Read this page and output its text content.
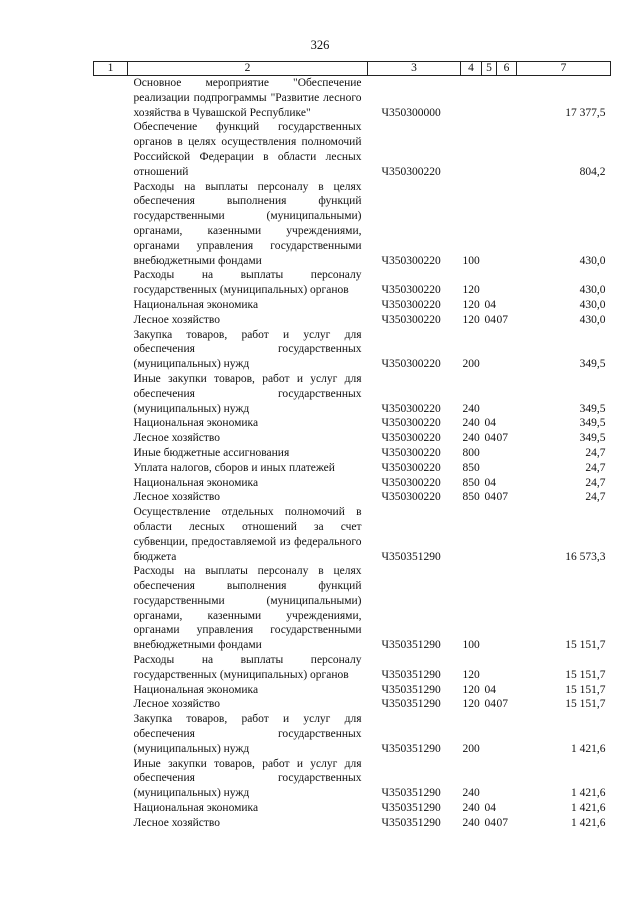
326
1	2	3	4	5	6	7
	Основное мероприятие "Обеспечение реализации подпрограммы "Развитие лесного хозяйства в Чувашской Республике"	Ч350300000				17 377,5
	Обеспечение функций государственных органов в целях осуществления полномочий Российской Федерации в области лесных отношений	Ч350300220				804,2
	Расходы на выплаты персоналу в целях обеспечения выполнения функций государственными (муниципальными) органами, казенными учреждениями, органами управления государственными внебюджетными фондами	Ч350300220	100			430,0
	Расходы на выплаты персоналу государственных (муниципальных) органов	Ч350300220	120			430,0
	Национальная экономика	Ч350300220	120	04		430,0
	Лесное хозяйство	Ч350300220	120	04	07	430,0
	Закупка товаров, работ и услуг для обеспечения государственных (муниципальных) нужд	Ч350300220	200			349,5
	Иные закупки товаров, работ и услуг для обеспечения государственных (муниципальных) нужд	Ч350300220	240			349,5
	Национальная экономика	Ч350300220	240	04		349,5
	Лесное хозяйство	Ч350300220	240	04	07	349,5
	Иные бюджетные ассигнования	Ч350300220	800			24,7
	Уплата налогов, сборов и иных платежей	Ч350300220	850			24,7
	Национальная экономика	Ч350300220	850	04		24,7
	Лесное хозяйство	Ч350300220	850	04	07	24,7
	Осуществление отдельных полномочий в области лесных отношений за счет субвенции, предоставляемой из федерального бюджета	Ч350351290				16 573,3
	Расходы на выплаты персоналу в целях обеспечения выполнения функций государственными (муниципальными) органами, казенными учреждениями, органами управления государственными внебюджетными фондами	Ч350351290	100			15 151,7
	Расходы на выплаты персоналу государственных (муниципальных) органов	Ч350351290	120			15 151,7
	Национальная экономика	Ч350351290	120	04		15 151,7
	Лесное хозяйство	Ч350351290	120	04	07	15 151,7
	Закупка товаров, работ и услуг для обеспечения государственных (муниципальных) нужд	Ч350351290	200			1 421,6
	Иные закупки товаров, работ и услуг для обеспечения государственных (муниципальных) нужд	Ч350351290	240			1 421,6
	Национальная экономика	Ч350351290	240	04		1 421,6
	Лесное хозяйство	Ч350351290	240	04	07	1 421,6
